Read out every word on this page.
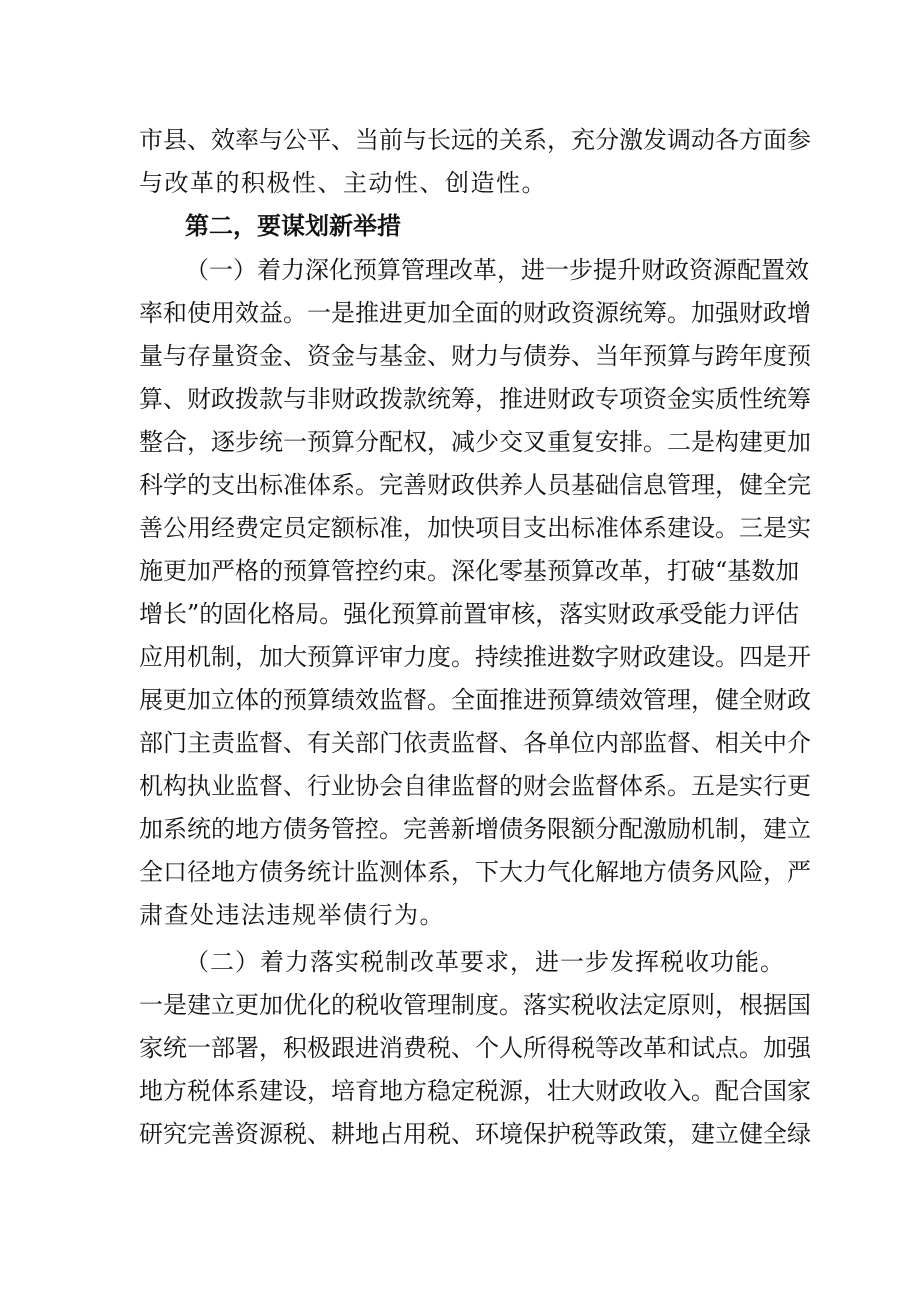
市县、效率与公平、当前与长远的关系，充分激发调动各方面参
与改革的积极性、主动性、创造性。
第二，要谋划新举措
（一）着力深化预算管理改革，进一步提升财政资源配置效
率和使用效益。一是推进更加全面的财政资源统筹。加强财政增
量与存量资金、资金与基金、财力与债券、当年预算与跨年度预
算、财政拨款与非财政拨款统筹，推进财政专项资金实质性统筹
整合，逐步统一预算分配权，减少交叉重复安排。二是构建更加
科学的支出标准体系。完善财政供养人员基础信息管理，健全完
善公用经费定员定额标准，加快项目支出标准体系建设。三是实
施更加严格的预算管控约束。深化零基预算改革，打破“基数加
增长”的固化格局。强化预算前置审核，落实财政承受能力评估
应用机制，加大预算评审力度。持续推进数字财政建设。四是开
展更加立体的预算绩效监督。全面推进预算绩效管理，健全财政
部门主责监督、有关部门依责监督、各单位内部监督、相关中介
机构执业监督、行业协会自律监督的财会监督体系。五是实行更
加系统的地方债务管控。完善新增债务限额分配激励机制，建立
全口径地方债务统计监测体系，下大力气化解地方债务风险，严
肃查处违法违规举债行为。
（二）着力落实税制改革要求，进一步发挥税收功能。
一是建立更加优化的税收管理制度。落实税收法定原则，根据国
家统一部署，积极跟进消费税、个人所得税等改革和试点。加强
地方税体系建设，培育地方稳定税源，壮大财政收入。配合国家
研究完善资源税、耕地占用税、环境保护税等政策，建立健全绿
